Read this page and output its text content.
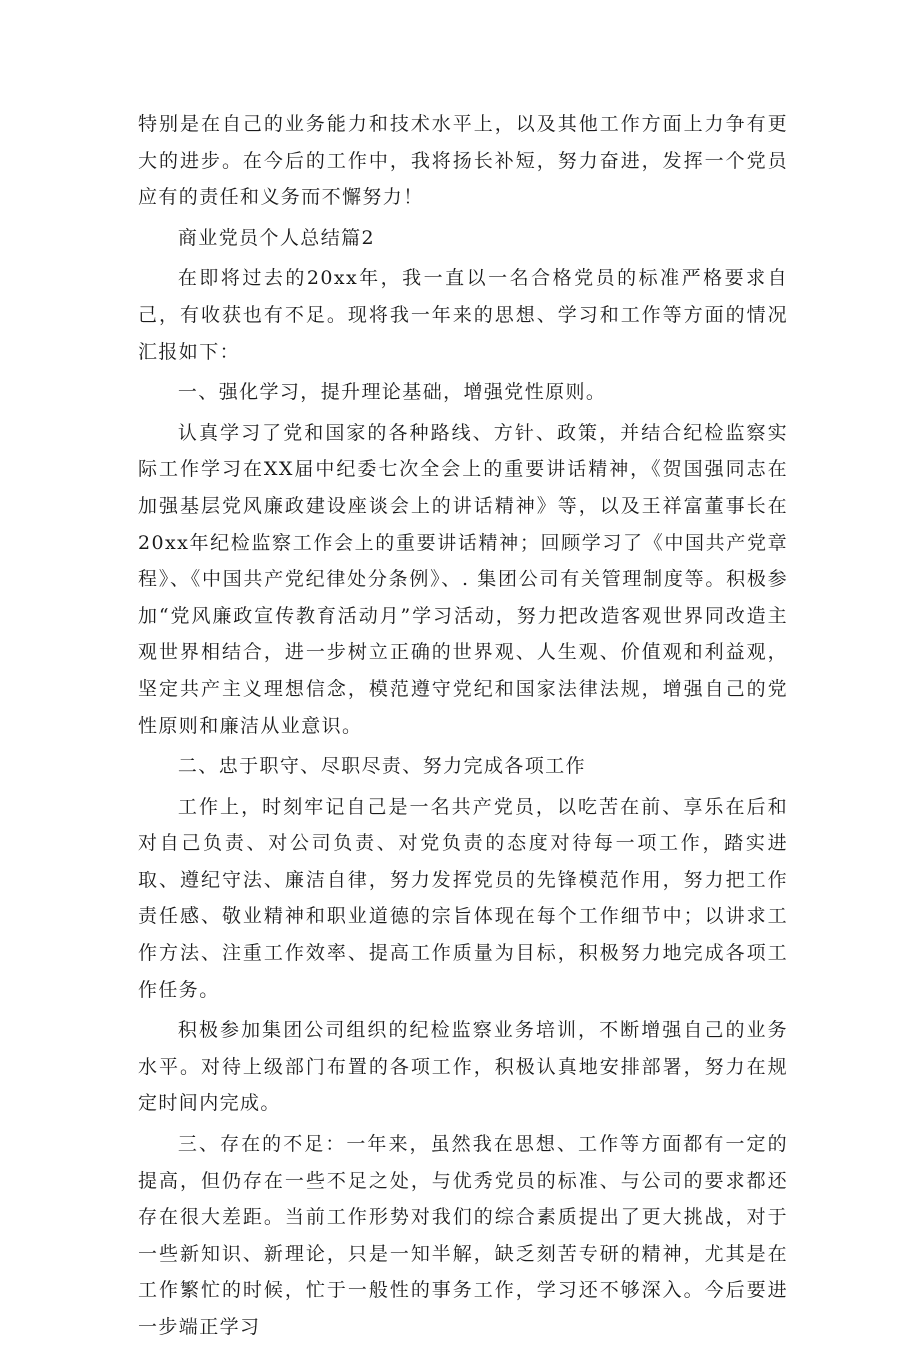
特别是在自己的业务能力和技术水平上，以及其他工作方面上力争有更大的进步。在今后的工作中，我将扬长补短，努力奋进，发挥一个党员应有的责任和义务而不懈努力！

商业党员个人总结篇2

在即将过去的20xx年，我一直以一名合格党员的标准严格要求自己，有收获也有不足。现将我一年来的思想、学习和工作等方面的情况汇报如下：

一、强化学习，提升理论基础，增强党性原则。

认真学习了党和国家的各种路线、方针、政策，并结合纪检监察实际工作学习在XX届中纪委七次全会上的重要讲话精神，《贺国强同志在加强基层党风廉政建设座谈会上的讲话精神》等，以及王祥富董事长在20xx年纪检监察工作会上的重要讲话精神；回顾学习了《中国共产党章程》、《中国共产党纪律处分条例》、. 集团公司有关管理制度等。积极参加“党风廉政宣传教育活动月”学习活动，努力把改造客观世界同改造主观世界相结合，进一步树立正确的世界观、人生观、价值观和利益观，坚定共产主义理想信念，模范遵守党纪和国家法律法规，增强自己的党性原则和廉洁从业意识。

二、忠于职守、尽职尽责、努力完成各项工作

工作上，时刻牢记自己是一名共产党员，以吃苦在前、享乐在后和对自己负责、对公司负责、对党负责的态度对待每一项工作，踏实进取、遵纪守法、廉洁自律，努力发挥党员的先锋模范作用，努力把工作责任感、敬业精神和职业道德的宗旨体现在每个工作细节中；以讲求工作方法、注重工作效率、提高工作质量为目标，积极努力地完成各项工作任务。

积极参加集团公司组织的纪检监察业务培训，不断增强自己的业务水平。对待上级部门布置的各项工作，积极认真地安排部署，努力在规定时间内完成。

三、存在的不足：一年来，虽然我在思想、工作等方面都有一定的提高，但仍存在一些不足之处，与优秀党员的标准、与公司的要求都还存在很大差距。当前工作形势对我们的综合素质提出了更大挑战，对于一些新知识、新理论，只是一知半解，缺乏刻苦专研的精神，尤其是在工作繁忙的时候，忙于一般性的事务工作，学习还不够深入。今后要进一步端正学习
